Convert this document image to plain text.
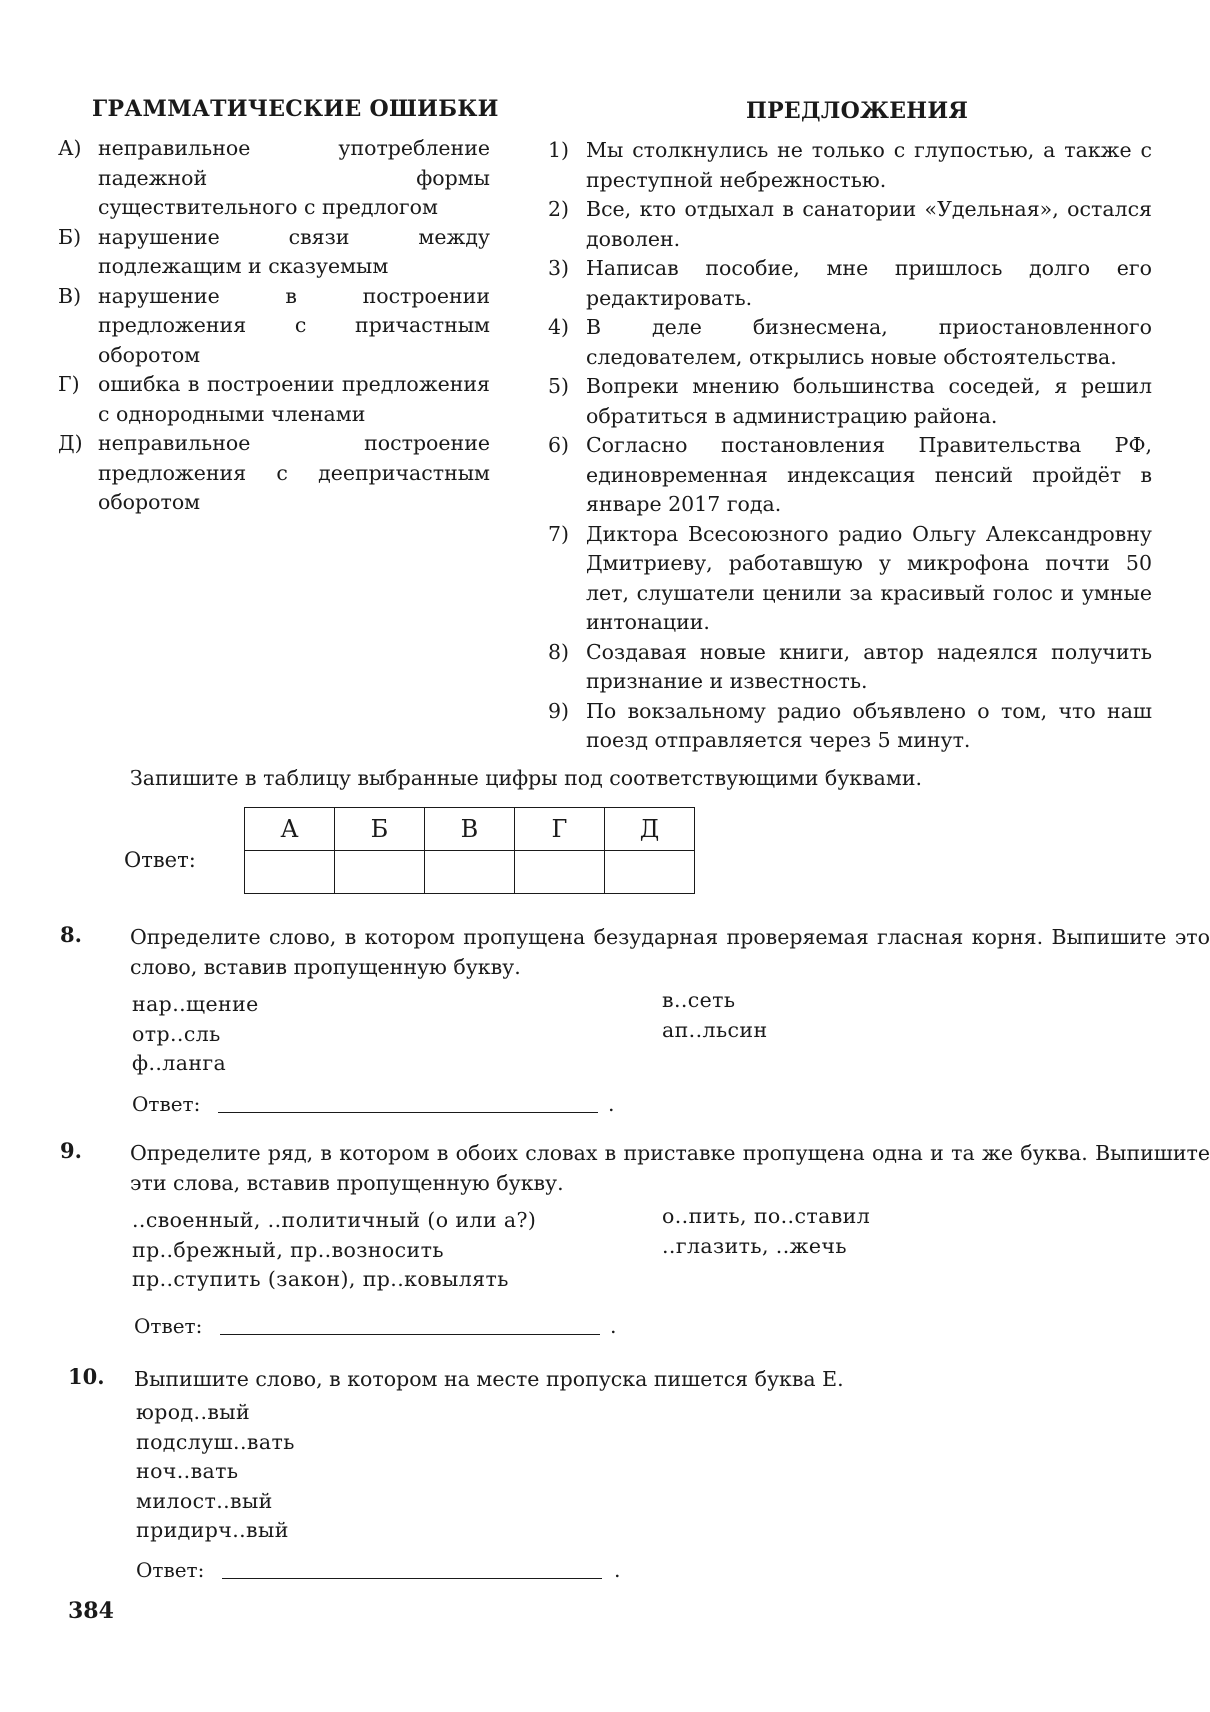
ГРАММАТИЧЕСКИЕ ОШИБКИ	ПРЕДЛОЖЕНИЯ
А) неправильное употребление падежной формы существительного с предлогом
Б) нарушение связи между подлежащим и сказуемым
В) нарушение в построении предложения с причастным оборотом
Г) ошибка в построении предложения с однородными членами
Д) неправильное построение предложения с деепричастным оборотом
1) Мы столкнулись не только с глупостью, а также с преступной небрежностью.
2) Все, кто отдыхал в санатории «Удельная», остался доволен.
3) Написав пособие, мне пришлось долго его редактировать.
4) В деле бизнесмена, приостановленного следователем, открылись новые обстоятельства.
5) Вопреки мнению большинства соседей, я решил обратиться в администрацию района.
6) Согласно постановления Правительства РФ, единовременная индексация пенсий пройдёт в январе 2017 года.
7) Диктора Всесоюзного радио Ольгу Александровну Дмитриеву, работавшую у микрофона почти 50 лет, слушатели ценили за красивый голос и умные интонации.
8) Создавая новые книги, автор надеялся получить признание и известность.
9) По вокзальному радио объявлено о том, что наш поезд отправляется через 5 минут.
Запишите в таблицу выбранные цифры под соответствующими буквами.
Ответ:
А	Б	В	Г	Д

8. Определите слово, в котором пропущена безударная проверяемая гласная корня. Выпишите это слово, вставив пропущенную букву.
нар..щение
отр..сль
ф..ланга
в..сеть
ап..льсин
Ответ:	.
9. Определите ряд, в котором в обоих словах в приставке пропущена одна и та же буква. Выпишите эти слова, вставив пропущенную букву.
..своенный, ..политичный (о или а?)
пр..брежный, пр..возносить
пр..ступить (закон), пр..ковылять
о..пить, по..ставил
..глазить, ..жечь
Ответ:	.
10. Выпишите слово, в котором на месте пропуска пишется буква Е.
юрод..вый
подслуш..вать
ноч..вать
милост..вый
придирч..вый
Ответ:	.
384
